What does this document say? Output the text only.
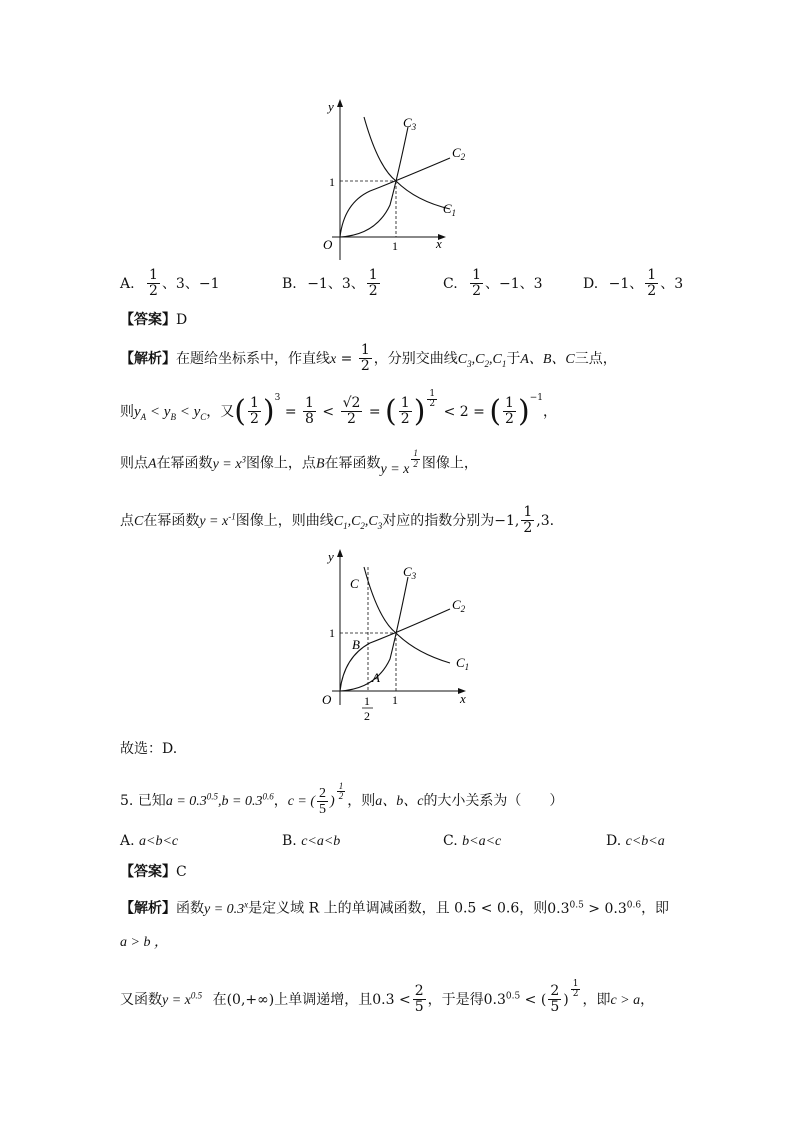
y
x
O	1
1
$C_3$
$C_2$
$C_1$
A. $\frac{1}{2}$ 、3、−1	B. −1、3、 $\frac{1}{2}$	C. $\frac{1}{2}$ 、−1、3	D. −1、 $\frac{1}{2}$ 、3
【答案】D
【解析】在题给坐标系中，作直线$x = \frac{1}{2}$ ，分别交曲线$C_3,C_2,C_1$于A、B、C三点，
则$y_A < y_B < y_C$，又( $\frac{1}{2} )^3 = \frac{1}{8} < \frac{√2}{2}$ = ( $\frac{1}{2}$ ) $\frac{1}{2}$
< 2 = ( $\frac{1}{2} )^{-1}$，
则点A在幂函数$y = x^3$图像上，点B在幂函数y = x $\frac{1}{2}$ 图像上，
点C在幂函数$y = x^{-1}$图像上，则曲线$C_1,C_2,C_3$对应的指数分别为−1, $\frac{1}{2} ,3$.
y
x
O	1
1
1
2
C
B
A
$C_3$
$C_2$
$C_1$
故选：D.
5. 已知$a = 0.3^{0.5},b = 0.3^{0.6}$，c = ( $\frac{2}{5}$ ) $\frac{1}{2}$ ，则a、b、c的大小关系为（　　）
A. a<b<c	B. c<a<b	C. b<a<c	D. c<b<a
【答案】C
【解析】函数$y = 0.3^x$是定义域 R 上的单调减函数，且 0.5 < 0.6，则$0.3^{0.5} > 0.3^{0.6}$，即
a > b ，
又函数$y = x^{0.5}$ 在(0,+∞)上单调递增，且$0.3 < \frac{2}{5}$ ，于是得$0.3^{0.5}$ < ( $\frac{2}{5}$ ) $\frac{1}{2}$ ，即c > a，
